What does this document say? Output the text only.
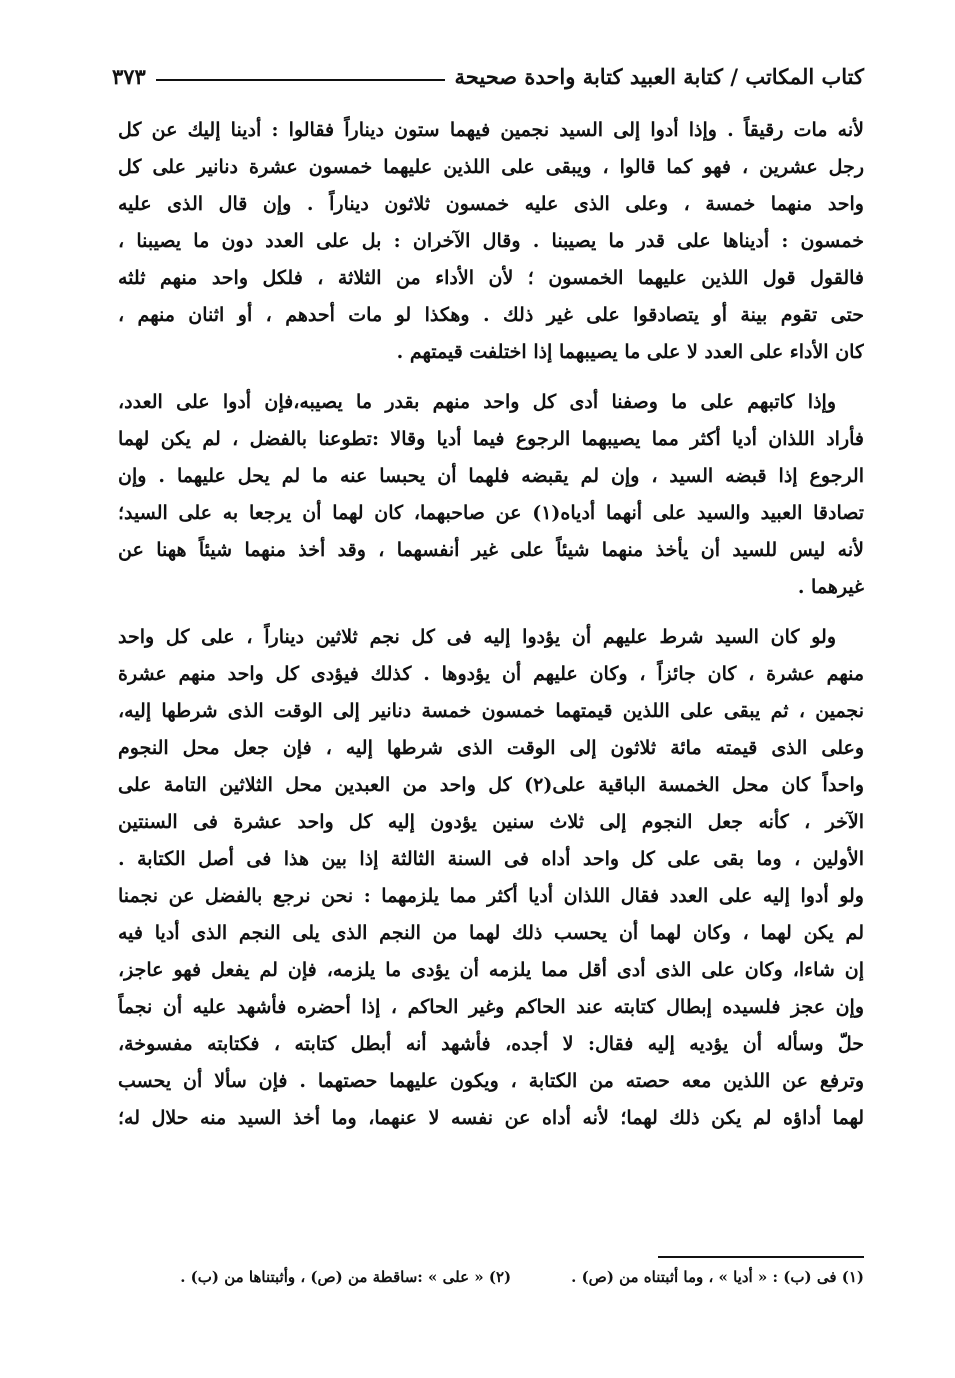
كتاب المكاتب / كتابة العبيد كتابة واحدة صحيحة
٣٧٣
لأنه مات رقيقاً . وإذا أدوا إلى السيد نجمين فيهما ستون ديناراً فقالوا : أدينا إليك عن كل
رجل عشرين ، فهو كما قالوا ، ويبقى على اللذين عليهما خمسون عشرة دنانير على كل
واحد منهما خمسة ، وعلى الذى عليه خمسون ثلاثون ديناراً . وإن قال الذى عليه
خمسون : أديناها على قدر ما يصيبنا . وقال الآخران : بل على العدد دون ما يصيبنا ،
فالقول قول اللذين عليهما الخمسون ؛ لأن الأداء من الثلاثة ، فلكل واحد منهم ثلثه
حتى تقوم بينة أو يتصادقوا على غير ذلك . وهكذا لو مات أحدهم ، أو اثنان منهم ،
كان الأداء على العدد لا على ما يصيبهما إذا اختلفت قيمتهم .
وإذا كاتبهم على ما وصفنا أدى كل واحد منهم بقدر ما يصيبه،فإن أدوا على العدد،
فأراد اللذان أديا أكثر مما يصيبهما الرجوع فيما أديا وقالا :تطوعنا بالفضل ، لم يكن لهما
الرجوع إذا قبضه السيد ، وإن لم يقبضه فلهما أن يحبسا عنه ما لم يحل عليهما . وإن
تصادقا العبيد والسيد على أنهما أدياه(١) عن صاحبهما، كان لهما أن يرجعا به على السيد؛
لأنه ليس للسيد أن يأخذ منهما شيئاً على غير أنفسهما ، وقد أخذ منهما شيئاً ههنا عن
غيرهما .
ولو كان السيد شرط عليهم أن يؤدوا إليه فى كل نجم ثلاثين ديناراً ، على كل واحد
منهم عشرة ، كان جائزاً ، وكان عليهم أن يؤدوها . كذلك فيؤدى كل واحد منهم عشرة
نجمين ، ثم يبقى على اللذين قيمتهما خمسون خمسة دنانير إلى الوقت الذى شرطها إليه،
وعلى الذى قيمته مائة ثلاثون إلى الوقت الذى شرطها إليه ، فإن جعل محل النجوم
واحداً كان محل الخمسة الباقية على(٢) كل واحد من العبدين محل الثلاثين التامة على
الآخر ، كأنه جعل النجوم إلى ثلاث سنين يؤدون إليه كل واحد عشرة فى السنتين
الأولين ، وما بقى على كل واحد أداه فى السنة الثالثة إذا بين هذا فى أصل الكتابة .
ولو أدوا إليه على العدد فقال اللذان أديا أكثر مما يلزمهما : نحن نرجع بالفضل عن نجمنا
لم يكن لهما ، وكان لهما أن يحسب ذلك لهما من النجم الذى يلى النجم الذى أديا فيه
إن شاءا، وكان على الذى أدى أقل مما يلزمه أن يؤدى ما يلزمه، فإن لم يفعل فهو عاجز،
وإن عجز فلسيده إبطال كتابته عند الحاكم وغير الحاكم ، إذا أحضره فأشهد عليه أن نجماً
حلّ وسأله أن يؤديه إليه فقال: لا أجده، فأشهد أنه أبطل كتابته ، فكتابته مفسوخة،
وترفع عن اللذين معه حصته من الكتابة ، ويكون عليهما حصتهما . فإن سألا أن يحسب
لهما أداؤه لم يكن ذلك لهما؛ لأنه أداه عن نفسه لا عنهما، وما أخذ السيد منه حلال له؛
(١) فى (ب) : « أديا » ، وما أثبتناه من (ص) .
(٢) « على » :ساقطة من (ص) ، وأثبتناها من (ب) .
